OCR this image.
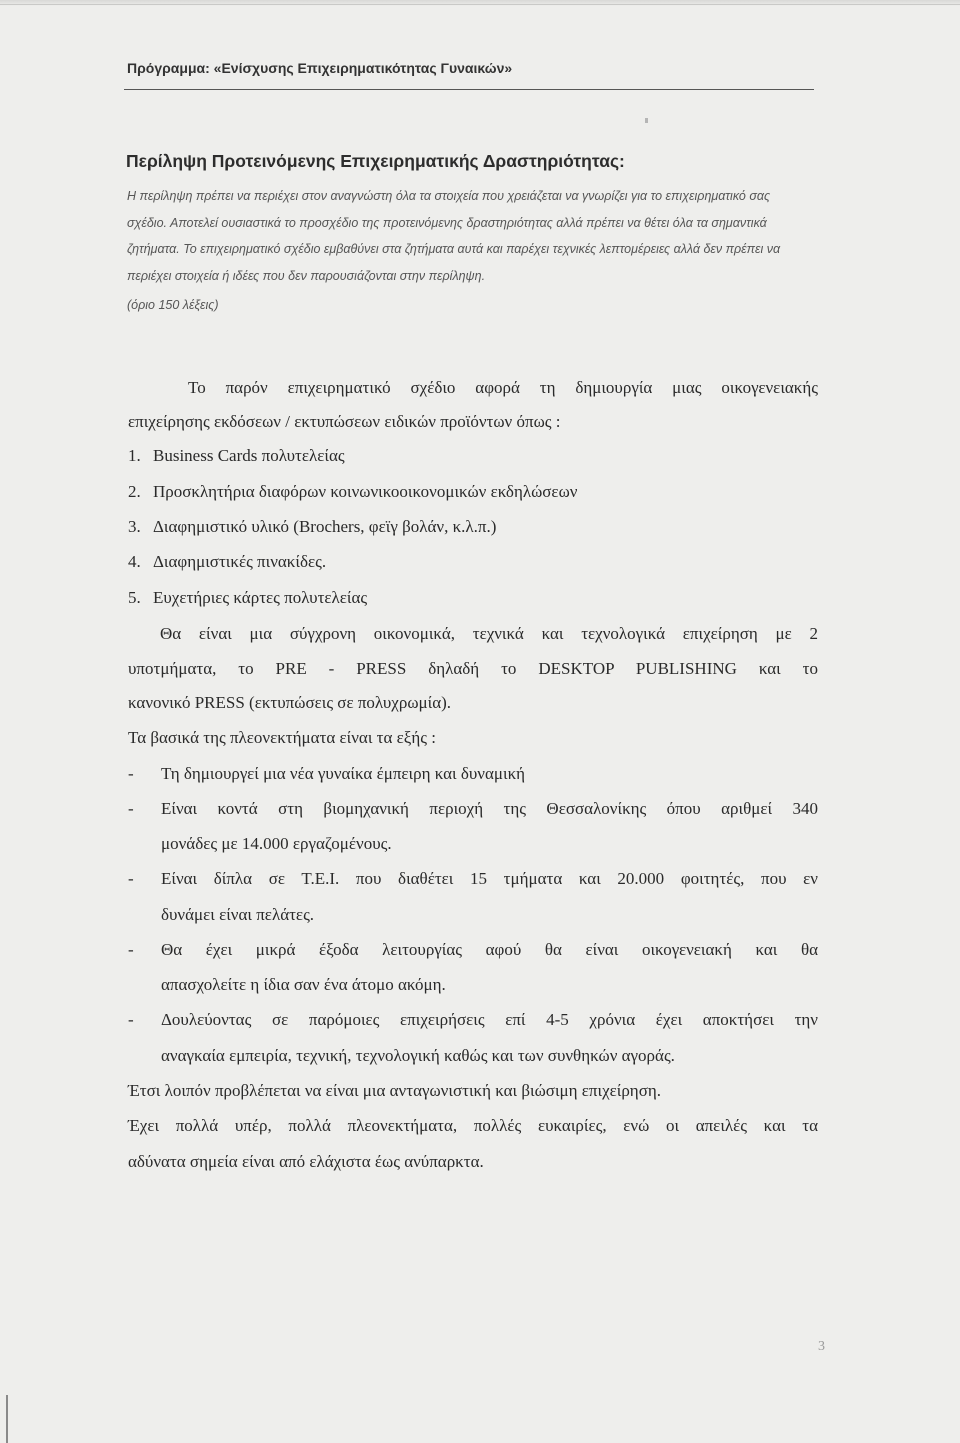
Πρόγραμμα: «Ενίσχυσης Επιχειρηματικότητας Γυναικών»
Περίληψη Προτεινόμενης Επιχειρηματικής Δραστηριότητας:

Η περίληψη πρέπει να περιέχει στον αναγνώστη όλα τα στοιχεία που χρειάζεται να γνωρίζει για το επιχειρηματικό σας σχέδιο. Αποτελεί ουσιαστικά το προσχέδιο της προτεινόμενης δραστηριότητας αλλά πρέπει να θέτει όλα τα σημαντικά ζητήματα. Το επιχειρηματικό σχέδιο εμβαθύνει στα ζητήματα αυτά και παρέχει τεχνικές λεπτομέρειες αλλά δεν πρέπει να περιέχει στοιχεία ή ιδέες που δεν παρουσιάζονται στην περίληψη.

(όριο 150 λέξεις)

Το παρόν επιχειρηματικό σχέδιο αφορά τη δημιουργία μιας οικογενειακής
επιχείρησης εκδόσεων / εκτυπώσεων ειδικών προϊόντων όπως :
1. Business Cards πολυτελείας
2. Προσκλητήρια διαφόρων κοινωνικοοικονομικών εκδηλώσεων
3. Διαφημιστικό υλικό (Brochers, φεϊγ βολάν, κ.λ.π.)
4. Διαφημιστικές πινακίδες.
5. Ευχετήριες κάρτες πολυτελείας
Θα είναι μια σύγχρονη οικονομικά, τεχνικά και τεχνολογικά επιχείρηση με 2
υποτμήματα, το PRE - PRESS δηλαδή το DESKTOP PUBLISHING και το
κανονικό PRESS (εκτυπώσεις σε πολυχρωμία).
Τα βασικά της πλεονεκτήματα είναι τα εξής :
- Τη δημιουργεί μια νέα γυναίκα έμπειρη και δυναμική
- Είναι κοντά στη βιομηχανική περιοχή της Θεσσαλονίκης όπου αριθμεί 340
μονάδες με 14.000 εργαζομένους.
- Είναι δίπλα σε Τ.Ε.Ι. που διαθέτει 15 τμήματα και 20.000 φοιτητές, που εν
δυνάμει είναι πελάτες.
- Θα έχει μικρά έξοδα λειτουργίας αφού θα είναι οικογενειακή και θα
απασχολείτε η ίδια σαν ένα άτομο ακόμη.
- Δουλεύοντας σε παρόμοιες επιχειρήσεις επί 4-5 χρόνια έχει αποκτήσει την
αναγκαία εμπειρία, τεχνική, τεχνολογική καθώς και των συνθηκών αγοράς.
Έτσι λοιπόν προβλέπεται να είναι μια ανταγωνιστική και βιώσιμη επιχείρηση.
Έχει πολλά υπέρ, πολλά πλεονεκτήματα, πολλές ευκαιρίες, ενώ οι απειλές και τα
αδύνατα σημεία είναι από ελάχιστα έως ανύπαρκτα.
3
